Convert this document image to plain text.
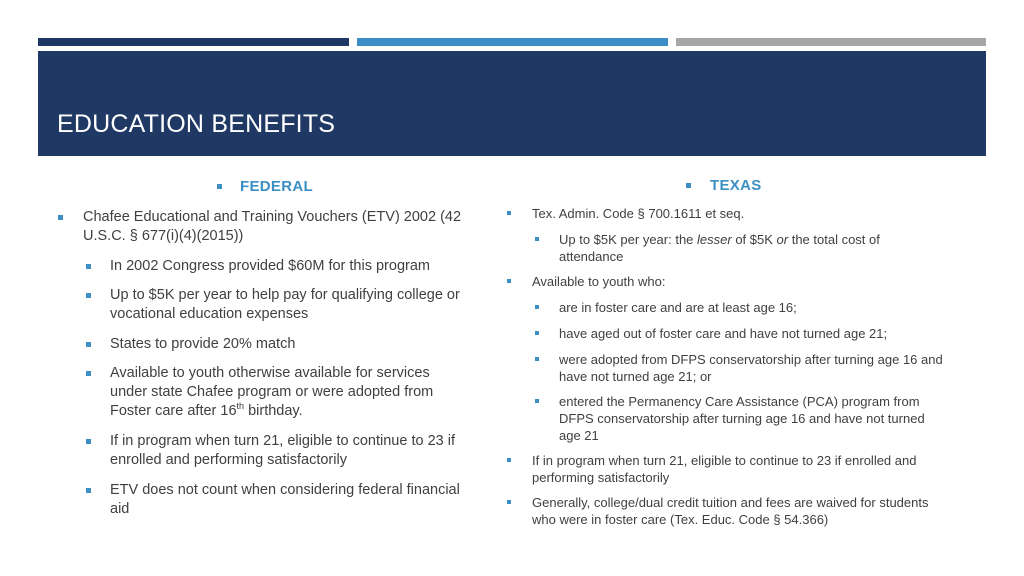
EDUCATION BENEFITS
FEDERAL
Chafee Educational and Training Vouchers (ETV) 2002 (42 U.S.C. § 677(i)(4)(2015))
In 2002 Congress provided $60M for this program
Up to $5K per year to help pay for qualifying college or vocational education expenses
States to provide 20% match
Available to youth otherwise available for services under state Chafee program or were adopted from Foster care after 16th birthday.
If in program when turn 21, eligible to continue to 23 if enrolled and performing satisfactorily
ETV does not count when considering federal financial aid
TEXAS
Tex. Admin. Code § 700.1611 et seq.
Up to $5K per year: the lesser of $5K or the total cost of attendance
Available to youth who:
are in foster care and are at least age 16;
have aged out of foster care and have not turned age 21;
were adopted from DFPS conservatorship after turning age 16 and have not turned age 21; or
entered the Permanency Care Assistance (PCA) program from DFPS conservatorship after turning age 16 and have not turned age 21
If in program when turn 21, eligible to continue to 23 if enrolled and performing satisfactorily
Generally, college/dual credit tuition and fees are waived for students who were in foster care (Tex. Educ. Code § 54.366)
